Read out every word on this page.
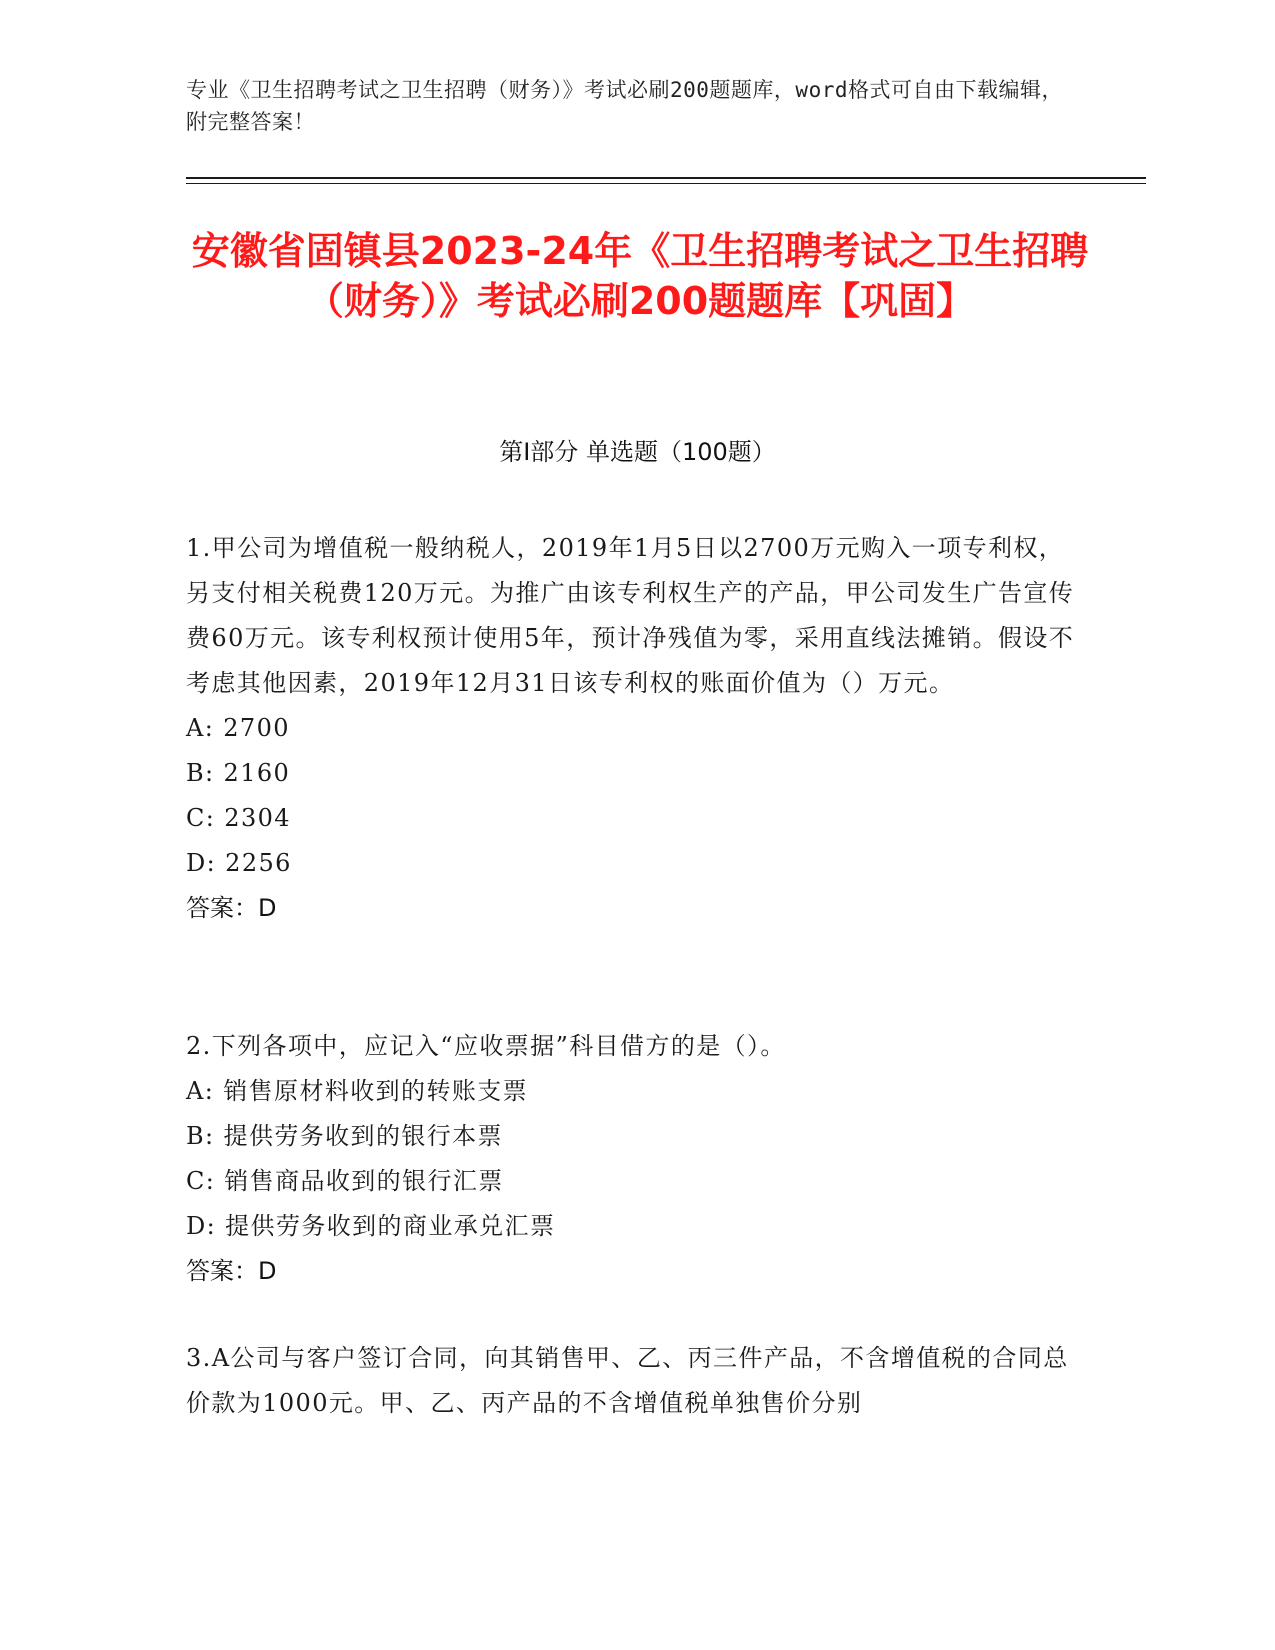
专业《卫生招聘考试之卫生招聘（财务）》考试必刷200题题库，word格式可自由下载编辑，附完整答案！
安徽省固镇县2023-24年《卫生招聘考试之卫生招聘（财务）》考试必刷200题题库【巩固】
第I部分 单选题（100题）
1.甲公司为增值税一般纳税人，2019年1月5日以2700万元购入一项专利权，另支付相关税费120万元。为推广由该专利权生产的产品，甲公司发生广告宣传费60万元。该专利权预计使用5年，预计净残值为零，采用直线法摊销。假设不考虑其他因素，2019年12月31日该专利权的账面价值为（）万元。
A: 2700
B: 2160
C: 2304
D: 2256
答案：D
2.下列各项中，应记入“应收票据”科目借方的是（）。
A: 销售原材料收到的转账支票
B: 提供劳务收到的银行本票
C: 销售商品收到的银行汇票
D: 提供劳务收到的商业承兑汇票
答案：D
3.A公司与客户签订合同，向其销售甲、乙、丙三件产品，不含增值税的合同总价款为1000元。甲、乙、丙产品的不含增值税单独售价分别
